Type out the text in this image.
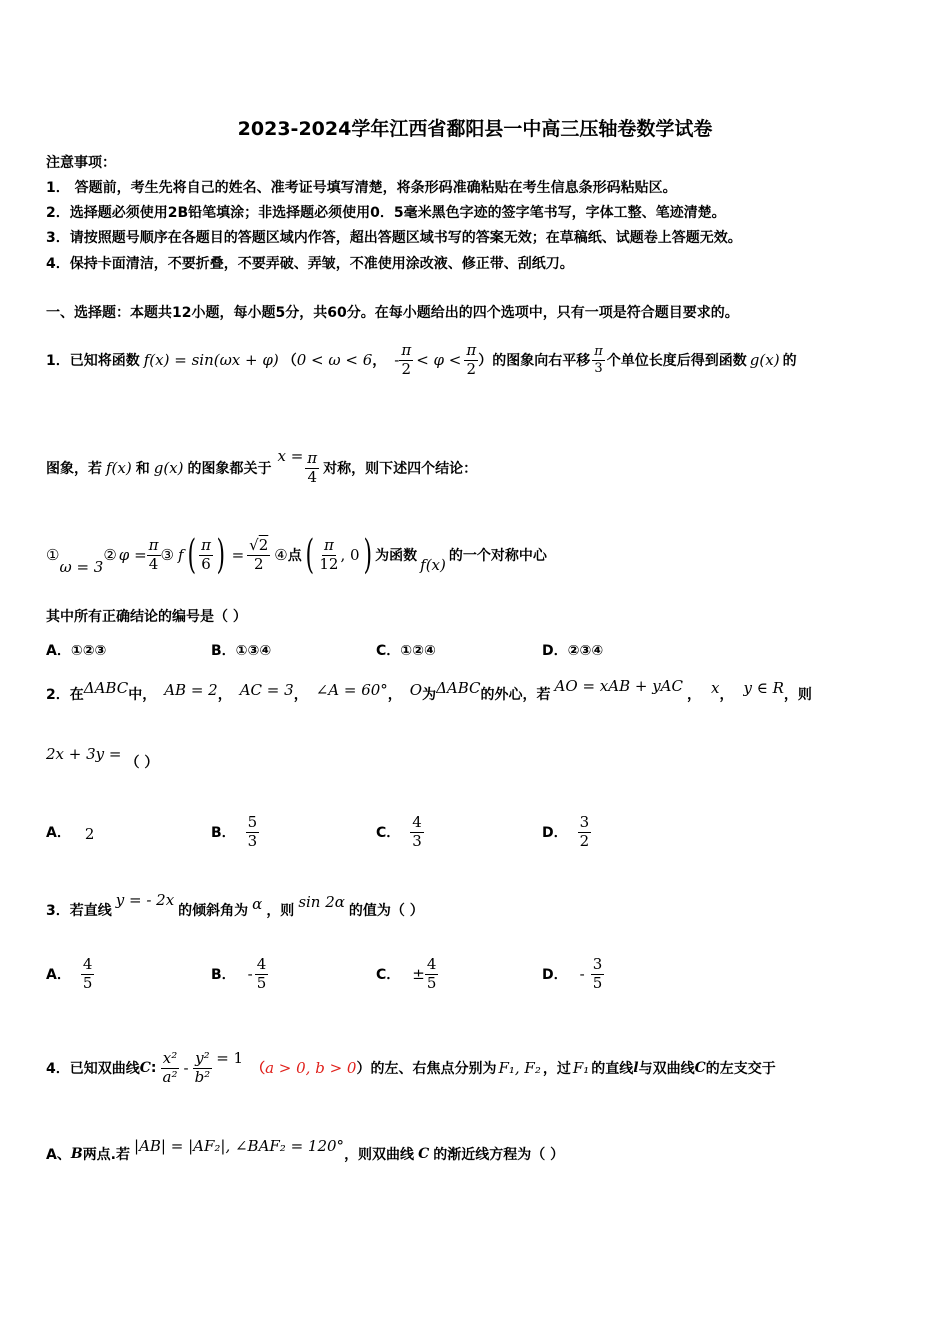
2023-2024学年江西省鄱阳县一中高三压轴卷数学试卷
注意事项：
1． 答题前，考生先将自己的姓名、准考证号填写清楚，将条形码准确粘贴在考生信息条形码粘贴区。
2．选择题必须使用2B铅笔填涂；非选择题必须使用0．5毫米黑色字迹的签字笔书写，字体工整、笔迹清楚。
3．请按照题号顺序在各题目的答题区域内作答，超出答题区域书写的答案无效；在草稿纸、试题卷上答题无效。
4．保持卡面清洁，不要折叠，不要弄破、弄皱，不准使用涂改液、修正带、刮纸刀。
一、选择题：本题共12小题，每小题5分，共60分。在每小题给出的四个选项中，只有一项是符合题目要求的。
1．已知将函数 f(x) = sin(ωx + φ) （ 0 < ω < 6 ， - $\frac{\pi}{2} < \varphi < \frac{\pi}{2}$ ）的图象向右平移 $\frac{\pi}{3}$ 个单位长度后得到函数 g(x) 的
图象，若 f(x) 和 g(x) 的图象都关于
$x = \frac{\pi}{4}$ 对称，则下述四个结论：
①
ω = 3
② $\varphi = \frac{\pi}{4}$ ③ f ( $\frac{\pi}{6}$ ) = $\frac{√2}{2}$ ④ 点 ( $\frac{\pi}{12}$ , 0 ) 为函数 f(x) 的一个对称中心
其中所有正确结论的编号是（ ）
A．①②③	B．①③④	C．①②④	D．②③④
2．在 ΔABC 中， AB = 2 ， AC = 3 ， ∠A = 60° ， O 为 ΔABC 的外心，若 AO = xAB + yAC ， x ， y ∈ R ，则
2x + 3y = （ ）
A． 2	B． $\frac{5}{3}$	C． $\frac{4}{3}$	D． $\frac{3}{2}$
3．若直线
y = - 2x
的倾斜角为 α ，则 sin 2α 的值为（ ）
A． $\frac{4}{5}$	B． - $\frac{4}{5}$	C． ± $\frac{4}{5}$	D． - $\frac{3}{5}$
4．已知双曲线 C : $\frac{\text{x²}}{\text{a²}} - \frac{\text{y²}}{\text{b²}} = 1$
（ a > 0, b > 0 ） 的左、右焦点分别为 F₁, F₂ ，过 F₁ 的直线 l 与双曲线 C 的左支交于
A、 B 两点.若 |AB| = |AF₂|, ∠BAF₂ = 120° ，则双曲线 C 的渐近线方程为（ ）
